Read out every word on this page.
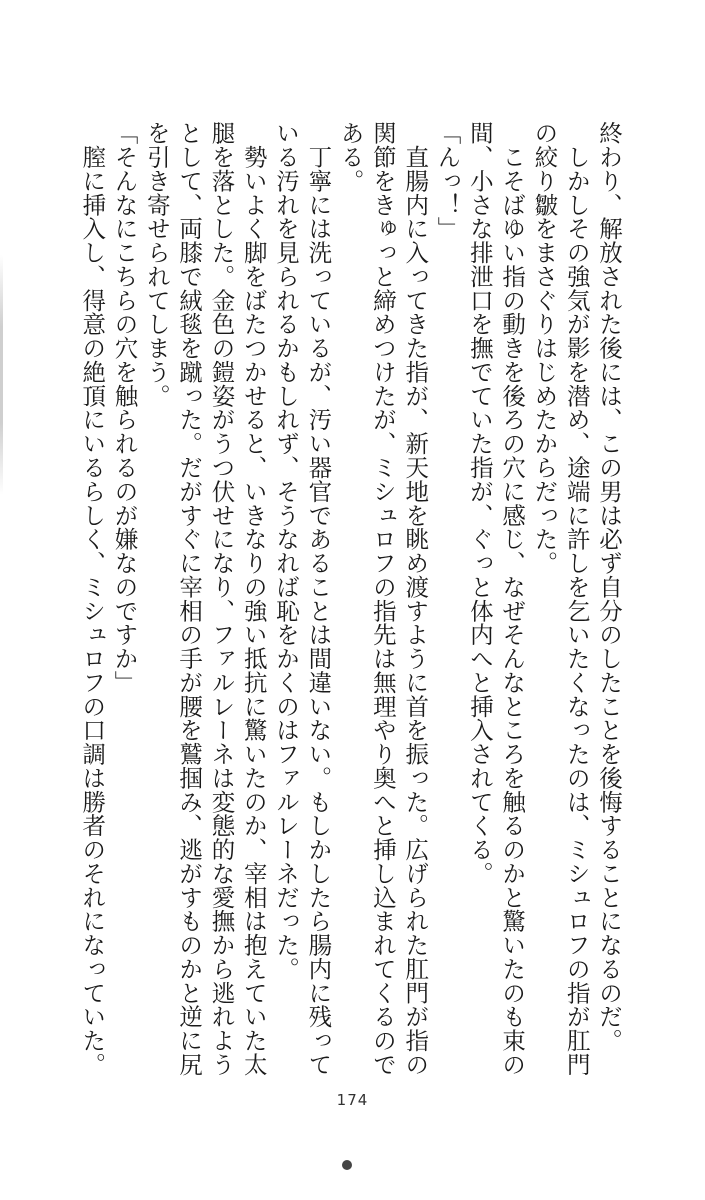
終わり、解放された後には、この男は必ず自分のしたことを後悔することになるのだ。

　しかしその強気が影を潜め、途端に許しを乞いたくなったのは、ミシュロフの指が肛門

の絞り皺をまさぐりはじめたからだった。

　こそばゆい指の動きを後ろの穴に感じ、なぜそんなところを触るのかと驚いたのも束の

間、小さな排泄口を撫でていた指が、ぐっと体内へと挿入されてくる。

「んっ！」

　直腸内に入ってきた指が、新天地を眺め渡すように首を振った。広げられた肛門が指の

関節をきゅっと締めつけたが、ミシュロフの指先は無理やり奥へと挿し込まれてくるので

ある。

　丁寧には洗っているが、汚い器官であることは間違いない。もしかしたら腸内に残って

いる汚れを見られるかもしれず、そうなれば恥をかくのはファルレーネだった。

　勢いよく脚をばたつかせると、いきなりの強い抵抗に驚いたのか、宰相は抱えていた太

腿を落とした。金色の鎧姿がうつ伏せになり、ファルレーネは変態的な愛撫から逃れよう

として、両膝で絨毯を蹴った。だがすぐに宰相の手が腰を鷲掴み、逃がすものかと逆に尻

を引き寄せられてしまう。

「そんなにこちらの穴を触られるのが嫌なのですか」

　膣に挿入し、得意の絶頂にいるらしく、ミシュロフの口調は勝者のそれになっていた。

174
